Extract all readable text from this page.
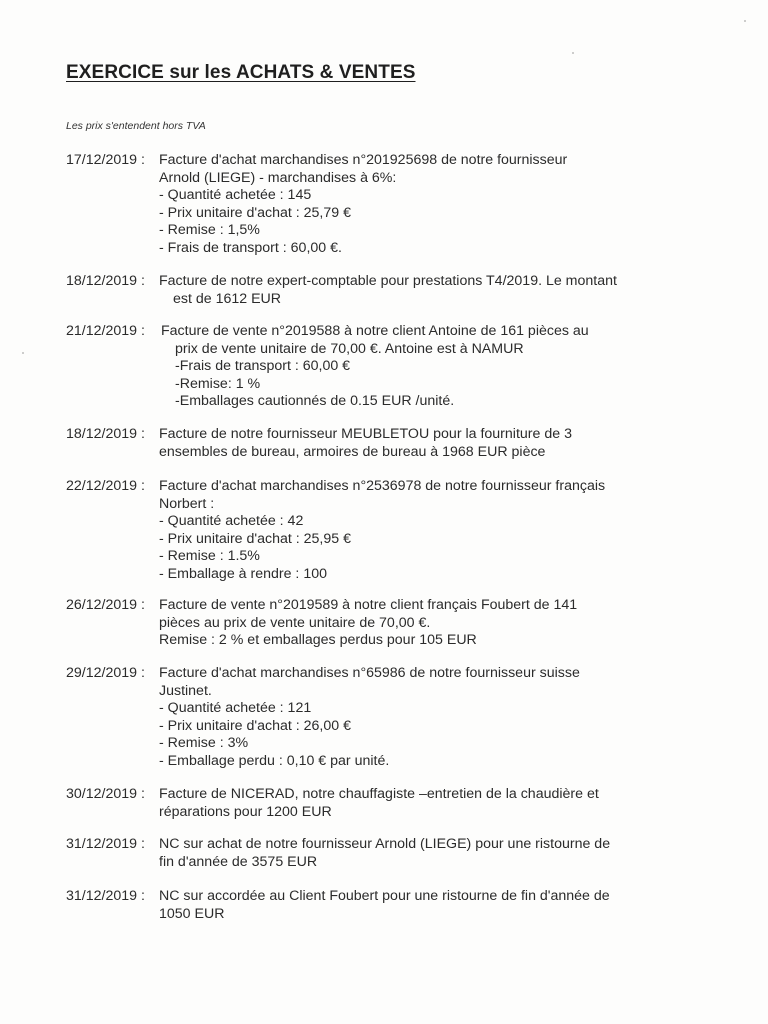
EXERCICE sur les ACHATS & VENTES
Les prix s'entendent hors TVA
17/12/2019 : Facture d'achat marchandises n°201925698 de notre fournisseur
Arnold (LIEGE) - marchandises à 6%:
- Quantité achetée : 145
- Prix unitaire d'achat : 25,79 €
- Remise : 1,5%
- Frais de transport : 60,00 €.
18/12/2019 : Facture de notre expert-comptable pour prestations T4/2019. Le montant
est de 1612 EUR
21/12/2019 : Facture de vente n°2019588 à notre client Antoine de 161 pièces au
prix de vente unitaire de 70,00 €. Antoine est à NAMUR
-Frais de transport : 60,00 €
-Remise: 1 %
-Emballages cautionnés de 0.15 EUR /unité.
18/12/2019 : Facture de notre fournisseur MEUBLETOU pour la fourniture de 3
ensembles de bureau, armoires de bureau à 1968 EUR pièce
22/12/2019 : Facture d'achat marchandises n°2536978 de notre fournisseur français
Norbert :
- Quantité achetée : 42
- Prix unitaire d'achat : 25,95 €
- Remise : 1.5%
- Emballage à rendre : 100
26/12/2019 : Facture de vente n°2019589 à notre client français Foubert de 141
pièces au prix de vente unitaire de 70,00 €.
Remise : 2 % et emballages perdus pour 105 EUR
29/12/2019 : Facture d'achat marchandises n°65986 de notre fournisseur suisse
Justinet.
- Quantité achetée : 121
- Prix unitaire d'achat : 26,00 €
- Remise : 3%
- Emballage perdu : 0,10 € par unité.
30/12/2019 : Facture de NICERAD, notre chauffagiste –entretien de la chaudière et
réparations pour 1200 EUR
31/12/2019 : NC sur achat de notre fournisseur Arnold (LIEGE) pour une ristourne de
fin d'année de 3575 EUR
31/12/2019 : NC sur accordée au Client Foubert pour une ristourne de fin d'année de
1050 EUR
